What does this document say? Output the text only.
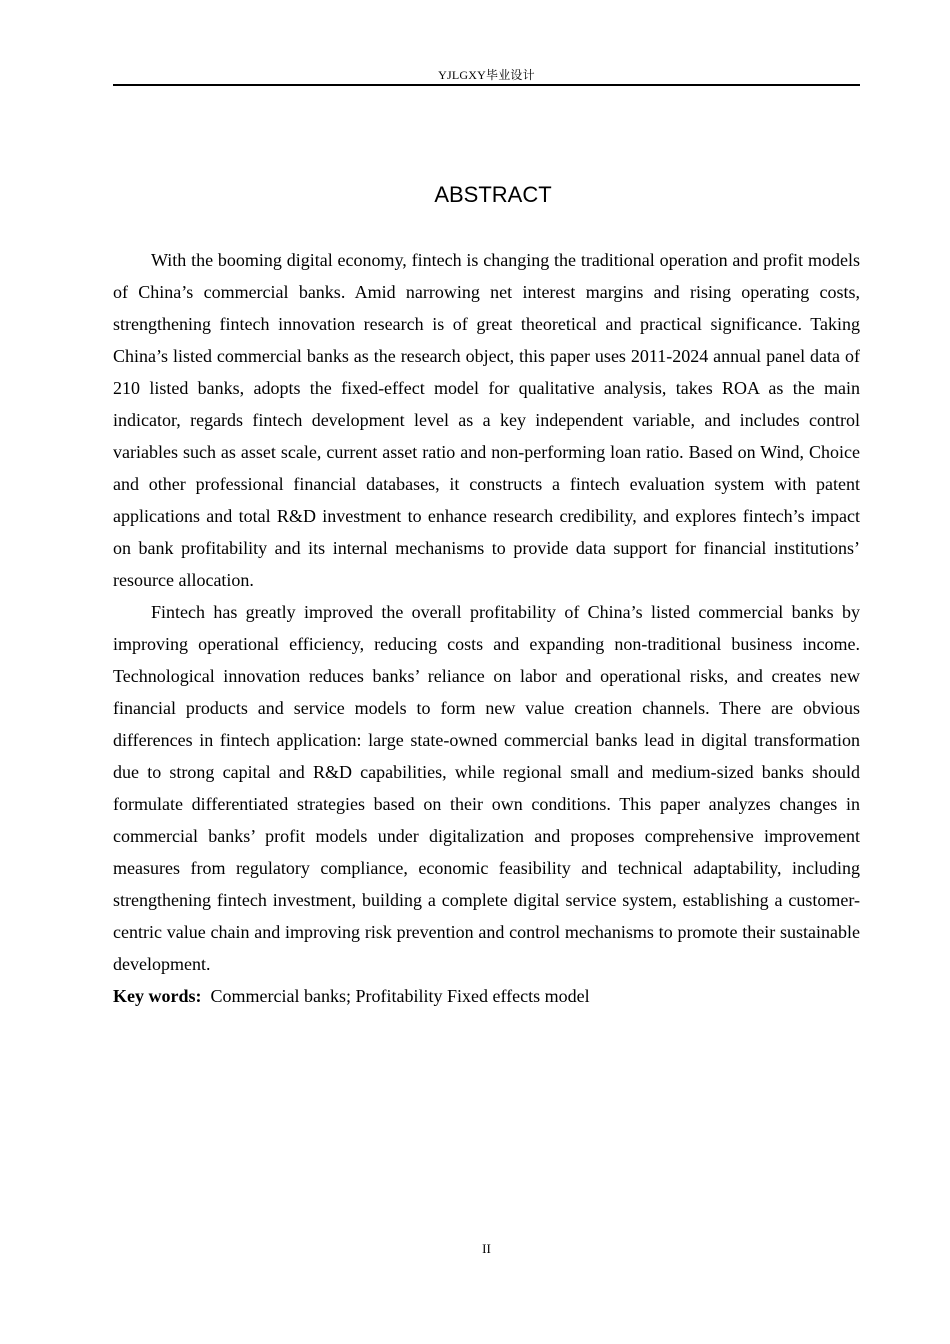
YJLGXY毕业设计
ABSTRACT

With the booming digital economy, fintech is changing the traditional operation and profit models of China’s commercial banks. Amid narrowing net interest margins and rising operating costs, strengthening fintech innovation research is of great theoretical and practical significance. Taking China’s listed commercial banks as the research object, this paper uses 2011-2024 annual panel data of 210 listed banks, adopts the fixed-effect model for qualitative analysis, takes ROA as the main indicator, regards fintech development level as a key independent variable, and includes control variables such as asset scale, current asset ratio and non-performing loan ratio. Based on Wind, Choice and other professional financial databases, it constructs a fintech evaluation system with patent applications and total R&D investment to enhance research credibility, and explores fintech’s impact on bank profitability and its internal mechanisms to provide data support for financial institutions’ resource allocation.

Fintech has greatly improved the overall profitability of China’s listed commercial banks by improving operational efficiency, reducing costs and expanding non-traditional business income. Technological innovation reduces banks’ reliance on labor and operational risks, and creates new financial products and service models to form new value creation channels. There are obvious differences in fintech application: large state-owned commercial banks lead in digital transformation due to strong capital and R&D capabilities, while regional small and medium-sized banks should formulate differentiated strategies based on their own conditions. This paper analyzes changes in commercial banks’ profit models under digitalization and proposes comprehensive improvement measures from regulatory compliance, economic feasibility and technical adaptability, including strengthening fintech investment, building a complete digital service system, establishing a customer-centric value chain and improving risk prevention and control mechanisms to promote their sustainable development.

Key words: Commercial banks; Profitability Fixed effects model

II
